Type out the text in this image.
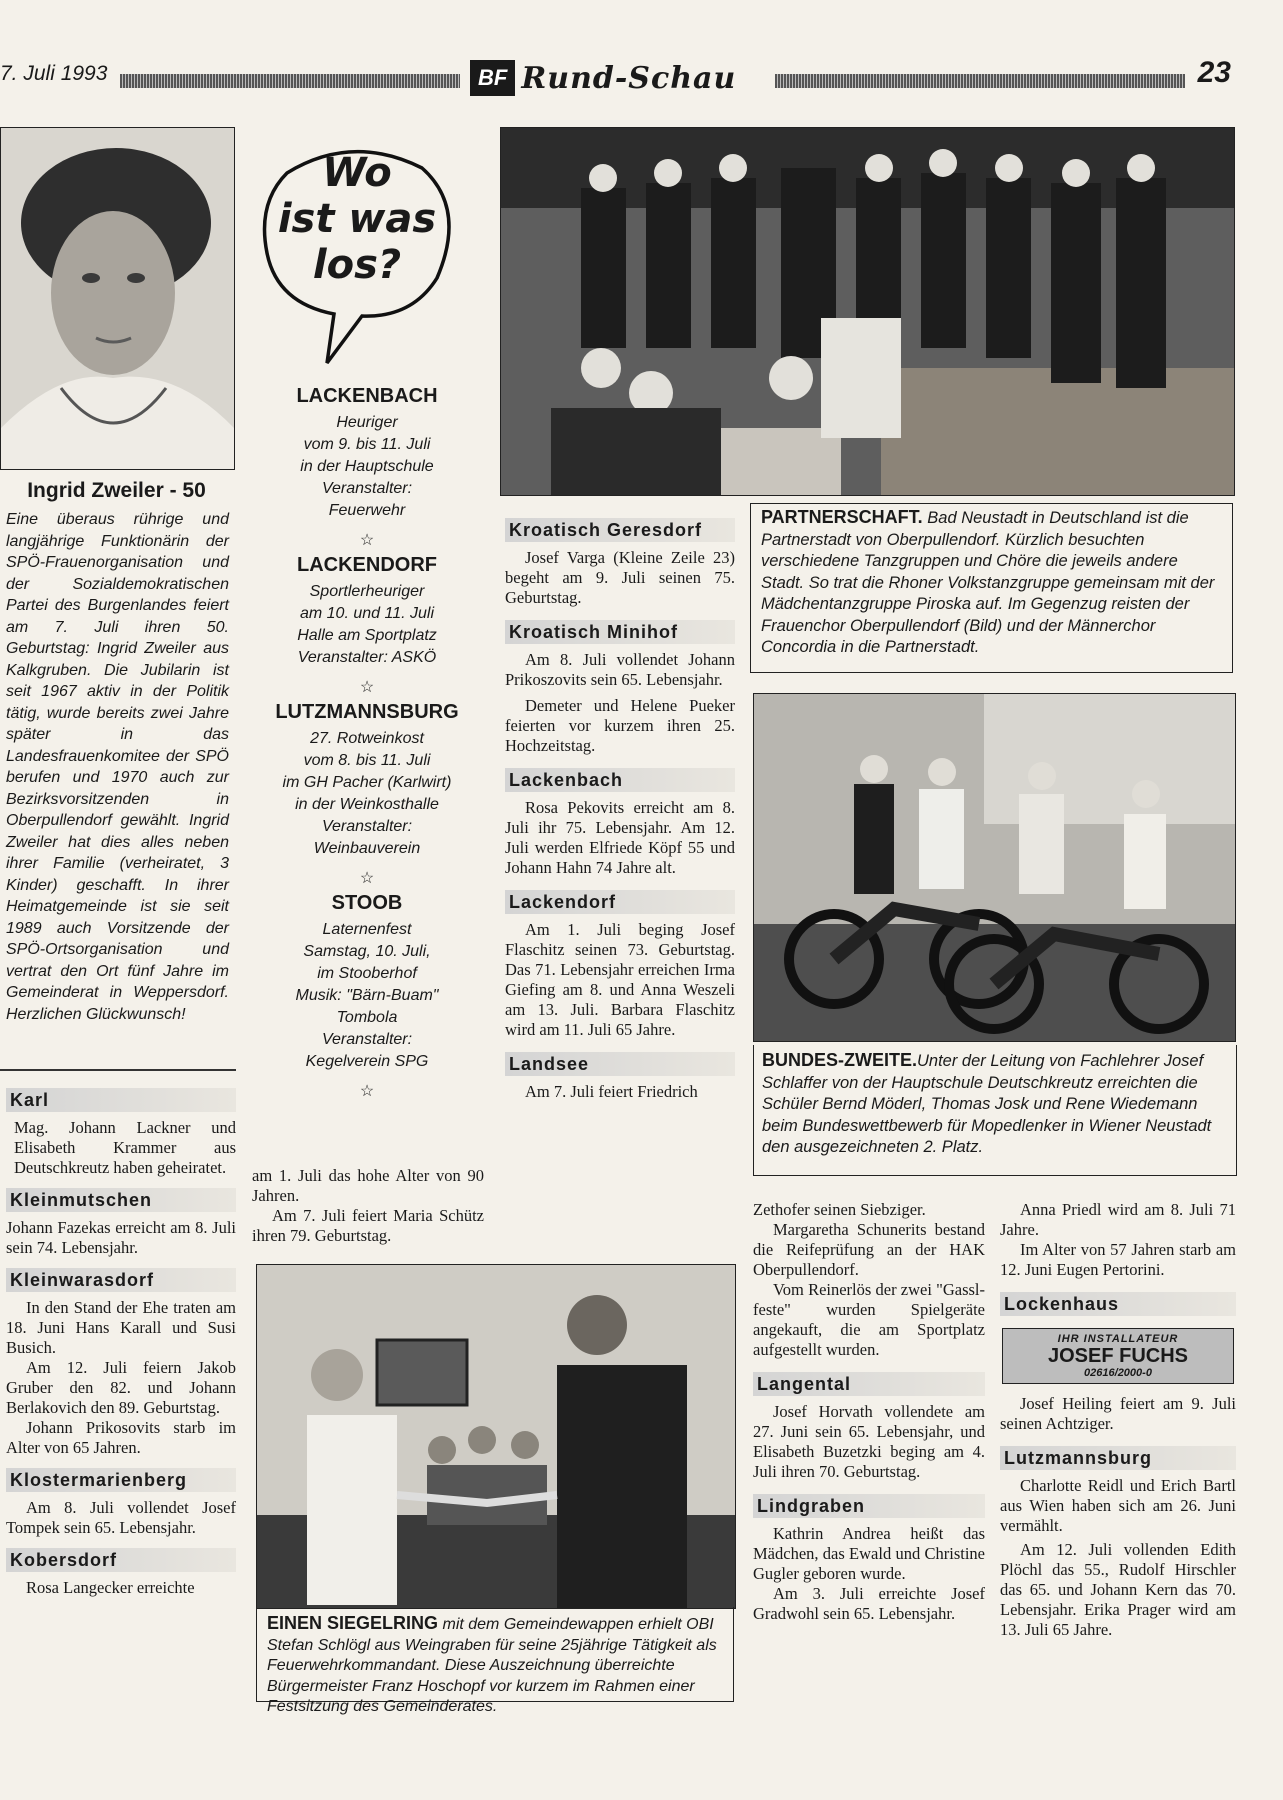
7. Juli 1993	BF Rund-Schau	23
Ingrid Zweiler - 50
Eine überaus rührige und langjährige Funktionärin der SPÖ-Frauenorganisation und der Sozialdemokratischen Partei des Burgenlandes feiert am 7. Juli ihren 50. Geburtstag: Ingrid Zweiler aus Kalkgruben. Die Jubilarin ist seit 1967 aktiv in der Politik tätig, wurde bereits zwei Jahre später in das Landesfrauenkomitee der SPÖ berufen und 1970 auch zur Bezirksvorsitzenden in Oberpullendorf gewählt. Ingrid Zweiler hat dies alles neben ihrer Familie (verheiratet, 3 Kinder) geschafft. In ihrer Heimatgemeinde ist sie seit 1989 auch Vorsitzende der SPÖ-Ortsorganisation und vertrat den Ort fünf Jahre im Gemeinderat in Weppersdorf. Herzlichen Glückwunsch!
Karl

Mag. Johann Lackner und Elisabeth Krammer aus Deutschkreutz haben geheiratet.

Kleinmutschen

Johann Fazekas erreicht am 8. Juli sein 74. Lebensjahr.

Kleinwarasdorf

In den Stand der Ehe traten am 18. Juni Hans Karall und Susi Busich.

Am 12. Juli feiern Jakob Gruber den 82. und Johann Berlakovich den 89. Geburtstag.

Johann Prikosovits starb im Alter von 65 Jahren.

Klostermarienberg

Am 8. Juli vollendet Josef Tompek sein 65. Lebensjahr.

Kobersdorf

Rosa Langecker erreichte

Wo
ist was
los?
LACKENBACH
Heuriger
vom 9. bis 11. Juli
in der Hauptschule
Veranstalter:
Feuerwehr
☆
LACKENDORF
Sportlerheuriger
am 10. und 11. Juli
Halle am Sportplatz
Veranstalter: ASKÖ
☆
LUTZMANNSBURG
27. Rotweinkost
vom 8. bis 11. Juli
im GH Pacher (Karlwirt)
in der Weinkosthalle
Veranstalter:
Weinbauverein
☆
STOOB
Laternenfest
Samstag, 10. Juli,
im Stooberhof
Musik: "Bärn-Buam"
Tombola
Veranstalter:
Kegelverein SPG
☆

am 1. Juli das hohe Alter von 90 Jahren.

Am 7. Juli feiert Maria Schütz ihren 79. Geburtstag.

PARTNERSCHAFT. Bad Neustadt in Deutschland ist die Partnerstadt von Oberpullendorf. Kürzlich besuchten verschiedene Tanzgruppen und Chöre die jeweils andere Stadt. So trat die Rhoner Volkstanzgruppe gemeinsam mit der Mädchentanzgruppe Piroska auf. Im Gegenzug reisten der Frauenchor Oberpullendorf (Bild) und der Männerchor Concordia in die Partnerstadt.

Kroatisch Geresdorf

Josef Varga (Kleine Zeile 23) begeht am 9. Juli seinen 75. Geburtstag.

Kroatisch Minihof

Am 8. Juli vollendet Johann Prikoszovits sein 65. Lebensjahr.

Demeter und Helene Pueker feierten vor kurzem ihren 25. Hochzeitstag.

Lackenbach

Rosa Pekovits erreicht am 8. Juli ihr 75. Lebensjahr. Am 12. Juli werden Elfriede Köpf 55 und Johann Hahn 74 Jahre alt.

Lackendorf

Am 1. Juli beging Josef Flaschitz seinen 73. Geburtstag. Das 71. Lebensjahr erreichen Irma Giefing am 8. und Anna Weszeli am 13. Juli. Barbara Flaschitz wird am 11. Juli 65 Jahre.

Landsee

Am 7. Juli feiert Friedrich

BUNDES-ZWEITE.Unter der Leitung von Fachlehrer Josef Schlaffer von der Hauptschule Deutschkreutz erreichten die Schüler Bernd Möderl, Thomas Josk und Rene Wiedemann beim Bundeswettbewerb für Mopedlenker in Wiener Neustadt den ausgezeichneten 2. Platz.

EINEN SIEGELRING mit dem Gemeindewappen erhielt OBI Stefan Schlögl aus Weingraben für seine 25jährige Tätigkeit als Feuerwehrkommandant. Diese Auszeichnung überreichte Bürgermeister Franz Hoschopf vor kurzem im Rahmen einer Festsitzung des Gemeinderates.

Zethofer seinen Siebziger.

Margaretha Schunerits bestand die Reifeprüfung an der HAK Oberpullendorf.

Vom Reinerlös der zwei "Gasslfeste" wurden Spielgeräte angekauft, die am Sportplatz aufgestellt wurden.

Langental

Josef Horvath vollendete am 27. Juni sein 65. Lebensjahr, und Elisabeth Buzetzki beging am 4. Juli ihren 70. Geburtstag.

Lindgraben

Kathrin Andrea heißt das Mädchen, das Ewald und Christine Gugler geboren wurde.

Am 3. Juli erreichte Josef Gradwohl sein 65. Lebensjahr.

Anna Priedl wird am 8. Juli 71 Jahre.

Im Alter von 57 Jahren starb am 12. Juni Eugen Pertorini.

Lockenhaus
IHR INSTALLATEUR
JOSEF FUCHS
02616/2000-0

Josef Heiling feiert am 9. Juli seinen Achtziger.

Lutzmannsburg

Charlotte Reidl und Erich Bartl aus Wien haben sich am 26. Juni vermählt.

Am 12. Juli vollenden Edith Plöchl das 55., Rudolf Hirschler das 65. und Johann Kern das 70. Lebensjahr. Erika Prager wird am 13. Juli 65 Jahre.
